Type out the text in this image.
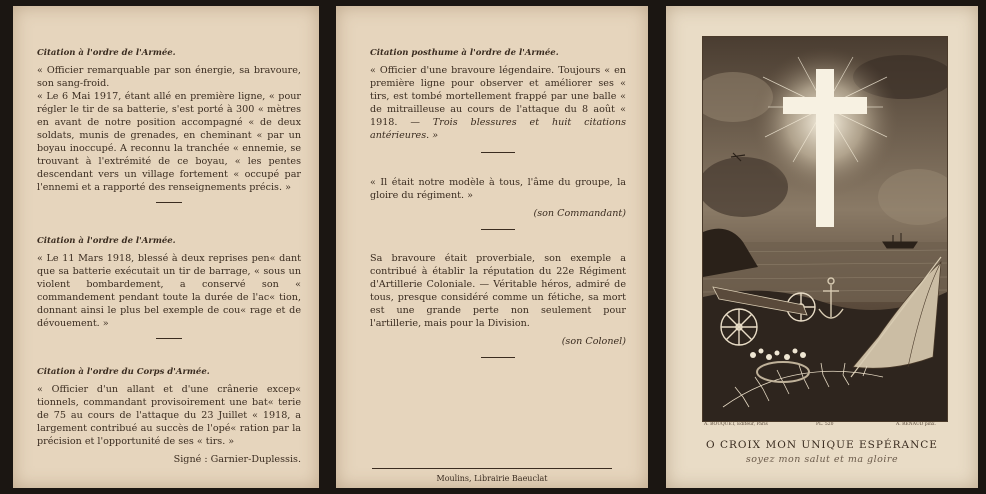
Citation à l'ordre de l'Armée.

« Officier remarquable par son énergie, sa bravoure, son sang-froid.

« Le 6 Mai 1917, étant allé en première ligne, « pour régler le tir de sa batterie, s'est porté à 300 « mètres en avant de notre position accompagné « de deux soldats, munis de grenades, en cheminant « par un boyau inoccupé. A reconnu la tranchée « ennemie, se trouvant à l'extrémité de ce boyau, « les pentes descendant vers un village fortement « occupé par l'ennemi et a rapporté des renseignements précis. »

Citation à l'ordre de l'Armée.

« Le 11 Mars 1918, blessé à deux reprises pen« dant que sa batterie exécutait un tir de barrage, « sous un violent bombardement, a conservé son « commandement pendant toute la durée de l'ac« tion, donnant ainsi le plus bel exemple de cou« rage et de dévouement. »

Citation à l'ordre du Corps d'Armée.

« Officier d'un allant et d'une crânerie excep« tionnels, commandant provisoirement une bat« terie de 75 au cours de l'attaque du 23 Juillet « 1918, a largement contribué au succès de l'opé« ration par la précision et l'opportunité de ses « tirs. »

Signé : Garnier-Duplessis.
Citation posthume à l'ordre de l'Armée.

« Officier d'une bravoure légendaire. Toujours « en première ligne pour observer et améliorer ses « tirs, est tombé mortellement frappé par une balle « de mitrailleuse au cours de l'attaque du 8 août « 1918. — Trois blessures et huit citations antérieures. »

« Il était notre modèle à tous, l'âme du groupe, la gloire du régiment. »

(son Commandant)

Sa bravoure était proverbiale, son exemple a contribué à établir la réputation du 22e Régiment d'Artillerie Coloniale. — Véritable héros, admiré de tous, presque considéré comme un fétiche, sa mort est une grande perte non seulement pour l'artillerie, mais pour la Division.

(son Colonel)
Moulins, Librairie Baeuclat
A. BOUQUET, Éditeur, Paris	PL. 520	A. RENAUD pinx.
O CROIX MON UNIQUE ESPÉRANCE
soyez mon salut et ma gloire
